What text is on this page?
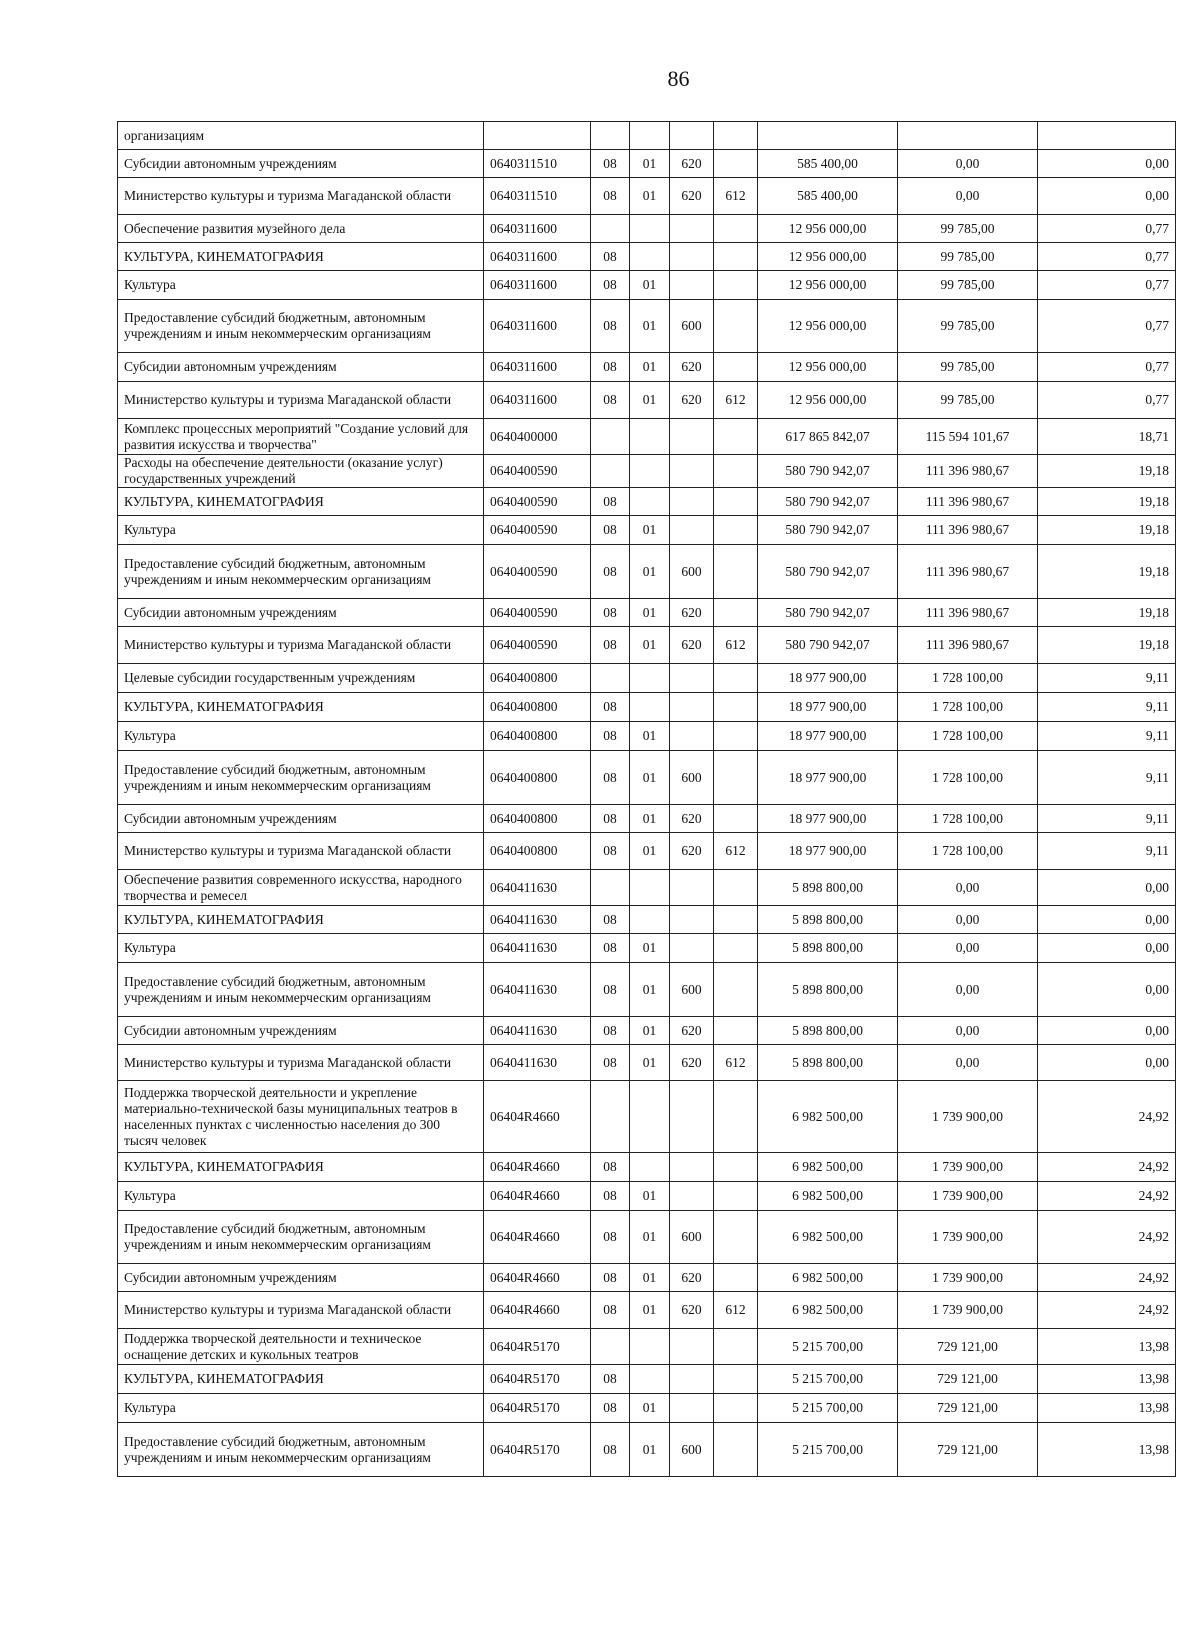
86
организациям								
Субсидии автономным учреждениям	0640311510	08	01	620		585 400,00	0,00	0,00
Министерство культуры и туризма Магаданской области	0640311510	08	01	620	612	585 400,00	0,00	0,00
Обеспечение развития музейного дела	0640311600					12 956 000,00	99 785,00	0,77
КУЛЬТУРА, КИНЕМАТОГРАФИЯ	0640311600	08				12 956 000,00	99 785,00	0,77
Культура	0640311600	08	01			12 956 000,00	99 785,00	0,77
Предоставление субсидий бюджетным, автономным учреждениям и иным некоммерческим организациям	0640311600	08	01	600		12 956 000,00	99 785,00	0,77
Субсидии автономным учреждениям	0640311600	08	01	620		12 956 000,00	99 785,00	0,77
Министерство культуры и туризма Магаданской области	0640311600	08	01	620	612	12 956 000,00	99 785,00	0,77
Комплекс процессных мероприятий "Создание условий для развития искусства и творчества"	0640400000					617 865 842,07	115 594 101,67	18,71
Расходы на обеспечение деятельности (оказание услуг) государственных учреждений	0640400590					580 790 942,07	111 396 980,67	19,18
КУЛЬТУРА, КИНЕМАТОГРАФИЯ	0640400590	08				580 790 942,07	111 396 980,67	19,18
Культура	0640400590	08	01			580 790 942,07	111 396 980,67	19,18
Предоставление субсидий бюджетным, автономным учреждениям и иным некоммерческим организациям	0640400590	08	01	600		580 790 942,07	111 396 980,67	19,18
Субсидии автономным учреждениям	0640400590	08	01	620		580 790 942,07	111 396 980,67	19,18
Министерство культуры и туризма Магаданской области	0640400590	08	01	620	612	580 790 942,07	111 396 980,67	19,18
Целевые субсидии государственным учреждениям	0640400800					18 977 900,00	1 728 100,00	9,11
КУЛЬТУРА, КИНЕМАТОГРАФИЯ	0640400800	08				18 977 900,00	1 728 100,00	9,11
Культура	0640400800	08	01			18 977 900,00	1 728 100,00	9,11
Предоставление субсидий бюджетным, автономным учреждениям и иным некоммерческим организациям	0640400800	08	01	600		18 977 900,00	1 728 100,00	9,11
Субсидии автономным учреждениям	0640400800	08	01	620		18 977 900,00	1 728 100,00	9,11
Министерство культуры и туризма Магаданской области	0640400800	08	01	620	612	18 977 900,00	1 728 100,00	9,11
Обеспечение развития современного искусства, народного творчества и ремесел	0640411630					5 898 800,00	0,00	0,00
КУЛЬТУРА, КИНЕМАТОГРАФИЯ	0640411630	08				5 898 800,00	0,00	0,00
Культура	0640411630	08	01			5 898 800,00	0,00	0,00
Предоставление субсидий бюджетным, автономным учреждениям и иным некоммерческим организациям	0640411630	08	01	600		5 898 800,00	0,00	0,00
Субсидии автономным учреждениям	0640411630	08	01	620		5 898 800,00	0,00	0,00
Министерство культуры и туризма Магаданской области	0640411630	08	01	620	612	5 898 800,00	0,00	0,00
Поддержка творческой деятельности и укрепление материально-технической базы муниципальных театров в населенных пунктах с численностью населения до 300 тысяч человек	06404R4660					6 982 500,00	1 739 900,00	24,92
КУЛЬТУРА, КИНЕМАТОГРАФИЯ	06404R4660	08				6 982 500,00	1 739 900,00	24,92
Культура	06404R4660	08	01			6 982 500,00	1 739 900,00	24,92
Предоставление субсидий бюджетным, автономным учреждениям и иным некоммерческим организациям	06404R4660	08	01	600		6 982 500,00	1 739 900,00	24,92
Субсидии автономным учреждениям	06404R4660	08	01	620		6 982 500,00	1 739 900,00	24,92
Министерство культуры и туризма Магаданской области	06404R4660	08	01	620	612	6 982 500,00	1 739 900,00	24,92
Поддержка творческой деятельности и техническое оснащение детских и кукольных театров	06404R5170					5 215 700,00	729 121,00	13,98
КУЛЬТУРА, КИНЕМАТОГРАФИЯ	06404R5170	08				5 215 700,00	729 121,00	13,98
Культура	06404R5170	08	01			5 215 700,00	729 121,00	13,98
Предоставление субсидий бюджетным, автономным учреждениям и иным некоммерческим организациям	06404R5170	08	01	600		5 215 700,00	729 121,00	13,98
